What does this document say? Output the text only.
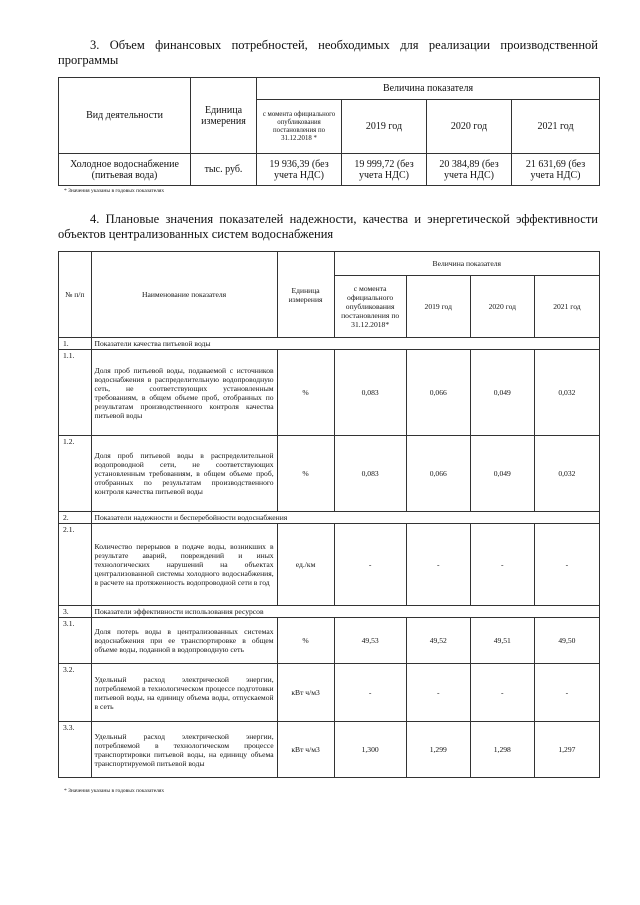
3. Объем финансовых потребностей, необходимых для реализации производственной программы

Вид деятельности	Единица измерения	Величина показателя			
		с момента официального опубликования постановления по 31.12.2018 *	2019 год	2020 год	2021 год
Холодное водоснабжение (питьевая вода)	тыс. руб.	19 936,39 (без учета НДС)	19 999,72 (без учета НДС)	20 384,89 (без учета НДС)	21 631,69 (без учета НДС)
* Значения указаны в годовых показателях

4. Плановые значения показателей надежности, качества и энергетической эффективности объектов централизованных систем водоснабжения

№ п/п	Наименование показателя	Единица измерения	Величина показателя			
			с момента официального опубликования постановления по 31.12.2018*	2019 год	2020 год	2021 год
1.	Показатели качества питьевой воды					
1.1.	Доля проб питьевой воды, подаваемой с источников водоснабжения в распределительную водопроводную сеть, не соответствующих установленным требованиям, в общем объеме проб, отобранных по результатам производственного контроля качества питьевой воды	%	0,083	0,066	0,049	0,032
1.2.	Доля проб питьевой воды в распределительной водопроводной сети, не соответствующих установленным требованиям, в общем объеме проб, отобранных по результатам производственного контроля качества питьевой воды	%	0,083	0,066	0,049	0,032
2.	Показатели надежности и бесперебойности водоснабжения					
2.1.	Количество перерывов в подаче воды, возникших в результате аварий, повреждений и иных технологических нарушений на объектах централизованной системы холодного водоснабжения, в расчете на протяженность водопроводной сети в год	ед./км	-	-	-	-
3.	Показатели эффективности использования ресурсов					
3.1.	Доля потерь воды в централизованных системах водоснабжения при ее транспортировке в общем объеме воды, поданной в водопроводную сеть	%	49,53	49,52	49,51	49,50
3.2.	Удельный расход электрической энергии, потребляемой в технологическом процессе подготовки питьевой воды, на единицу объема воды, отпускаемой в сеть	кВт ч/м3	-	-	-	-
3.3.	Удельный расход электрической энергии, потребляемой в технологическом процессе транспортировки питьевой воды, на единицу объема транспортируемой питьевой воды	кВт ч/м3	1,300	1,299	1,298	1,297
* Значения указаны в годовых показателях
